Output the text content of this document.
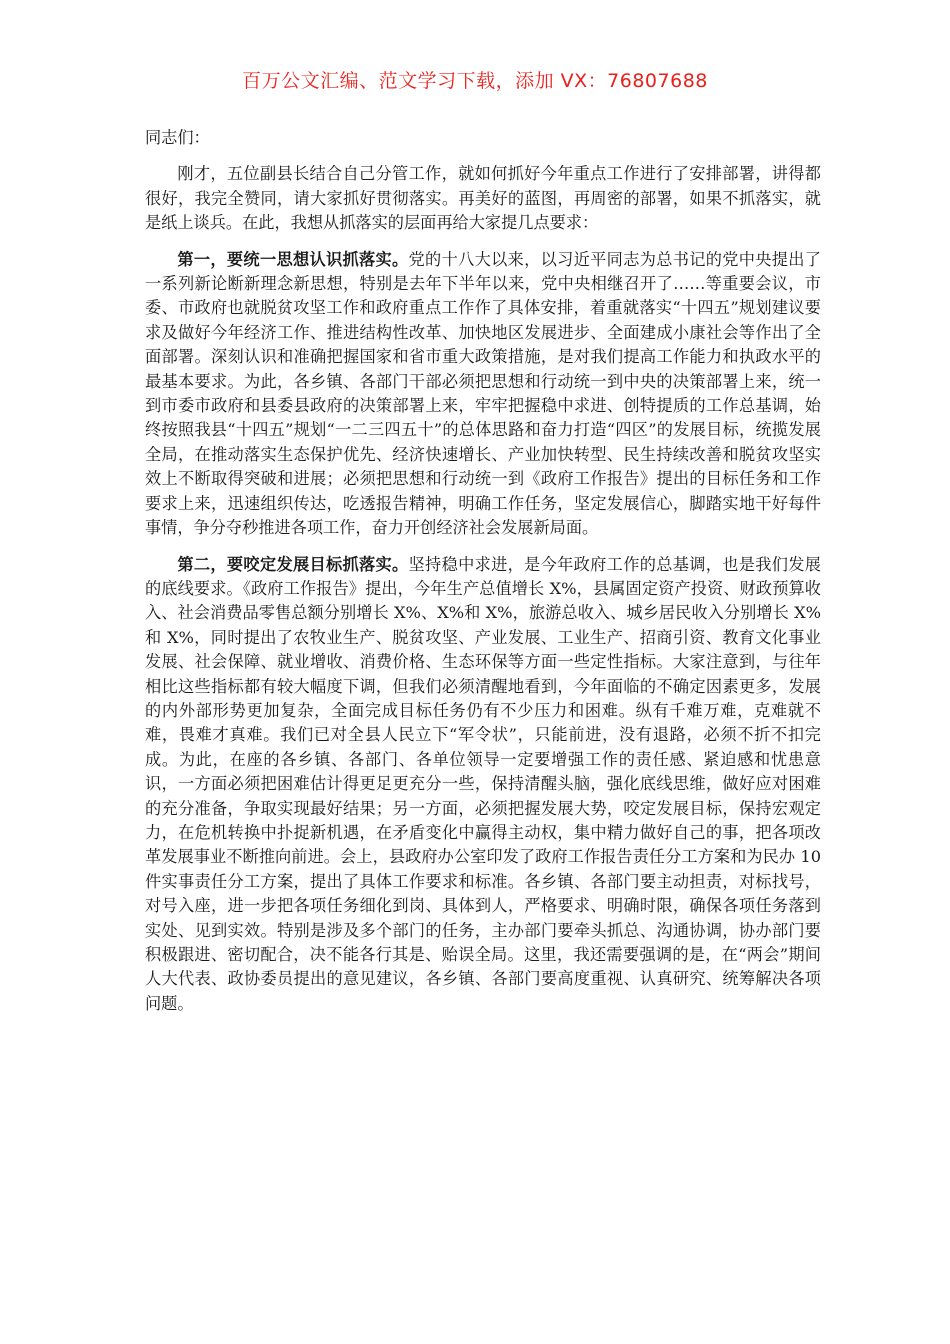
百万公文汇编、范文学习下载，添加 VX：76807688

同志们：

刚才，五位副县长结合自己分管工作，就如何抓好今年重点工作进行了安排部署，讲得都很好，我完全赞同，请大家抓好贯彻落实。再美好的蓝图，再周密的部署，如果不抓落实，就是纸上谈兵。在此，我想从抓落实的层面再给大家提几点要求：

第一，要统一思想认识抓落实。党的十八大以来，以习近平同志为总书记的党中央提出了一系列新论断新理念新思想，特别是去年下半年以来，党中央相继召开了……等重要会议，市委、市政府也就脱贫攻坚工作和政府重点工作作了具体安排，着重就落实“十四五”规划建议要求及做好今年经济工作、推进结构性改革、加快地区发展进步、全面建成小康社会等作出了全面部署。深刻认识和准确把握国家和省市重大政策措施，是对我们提高工作能力和执政水平的最基本要求。为此，各乡镇、各部门干部必须把思想和行动统一到中央的决策部署上来，统一到市委市政府和县委县政府的决策部署上来，牢牢把握稳中求进、创特提质的工作总基调，始终按照我县“十四五”规划“一二三四五十”的总体思路和奋力打造“四区”的发展目标，统揽发展全局，在推动落实生态保护优先、经济快速增长、产业加快转型、民生持续改善和脱贫攻坚实效上不断取得突破和进展；必须把思想和行动统一到《政府工作报告》提出的目标任务和工作要求上来，迅速组织传达，吃透报告精神，明确工作任务，坚定发展信心，脚踏实地干好每件事情，争分夺秒推进各项工作，奋力开创经济社会发展新局面。

第二，要咬定发展目标抓落实。坚持稳中求进，是今年政府工作的总基调，也是我们发展的底线要求。《政府工作报告》提出，今年生产总值增长 X%，县属固定资产投资、财政预算收入、社会消费品零售总额分别增长 X%、X%和 X%，旅游总收入、城乡居民收入分别增长 X%和 X%，同时提出了农牧业生产、脱贫攻坚、产业发展、工业生产、招商引资、教育文化事业发展、社会保障、就业增收、消费价格、生态环保等方面一些定性指标。大家注意到，与往年相比这些指标都有较大幅度下调，但我们必须清醒地看到，今年面临的不确定因素更多，发展的内外部形势更加复杂，全面完成目标任务仍有不少压力和困难。纵有千难万难，克难就不难，畏难才真难。我们已对全县人民立下“军令状”，只能前进，没有退路，必须不折不扣完成。为此，在座的各乡镇、各部门、各单位领导一定要增强工作的责任感、紧迫感和忧患意识，一方面必须把困难估计得更足更充分一些，保持清醒头脑，强化底线思维，做好应对困难的充分准备，争取实现最好结果；另一方面，必须把握发展大势，咬定发展目标，保持宏观定力，在危机转换中扑捉新机遇，在矛盾变化中赢得主动权，集中精力做好自己的事，把各项改革发展事业不断推向前进。会上，县政府办公室印发了政府工作报告责任分工方案和为民办 10 件实事责任分工方案，提出了具体工作要求和标准。各乡镇、各部门要主动担责，对标找号，对号入座，进一步把各项任务细化到岗、具体到人，严格要求、明确时限，确保各项任务落到实处、见到实效。特别是涉及多个部门的任务，主办部门要牵头抓总、沟通协调，协办部门要积极跟进、密切配合，决不能各行其是、贻误全局。这里，我还需要强调的是，在“两会”期间人大代表、政协委员提出的意见建议，各乡镇、各部门要高度重视、认真研究、统筹解决各项问题。
